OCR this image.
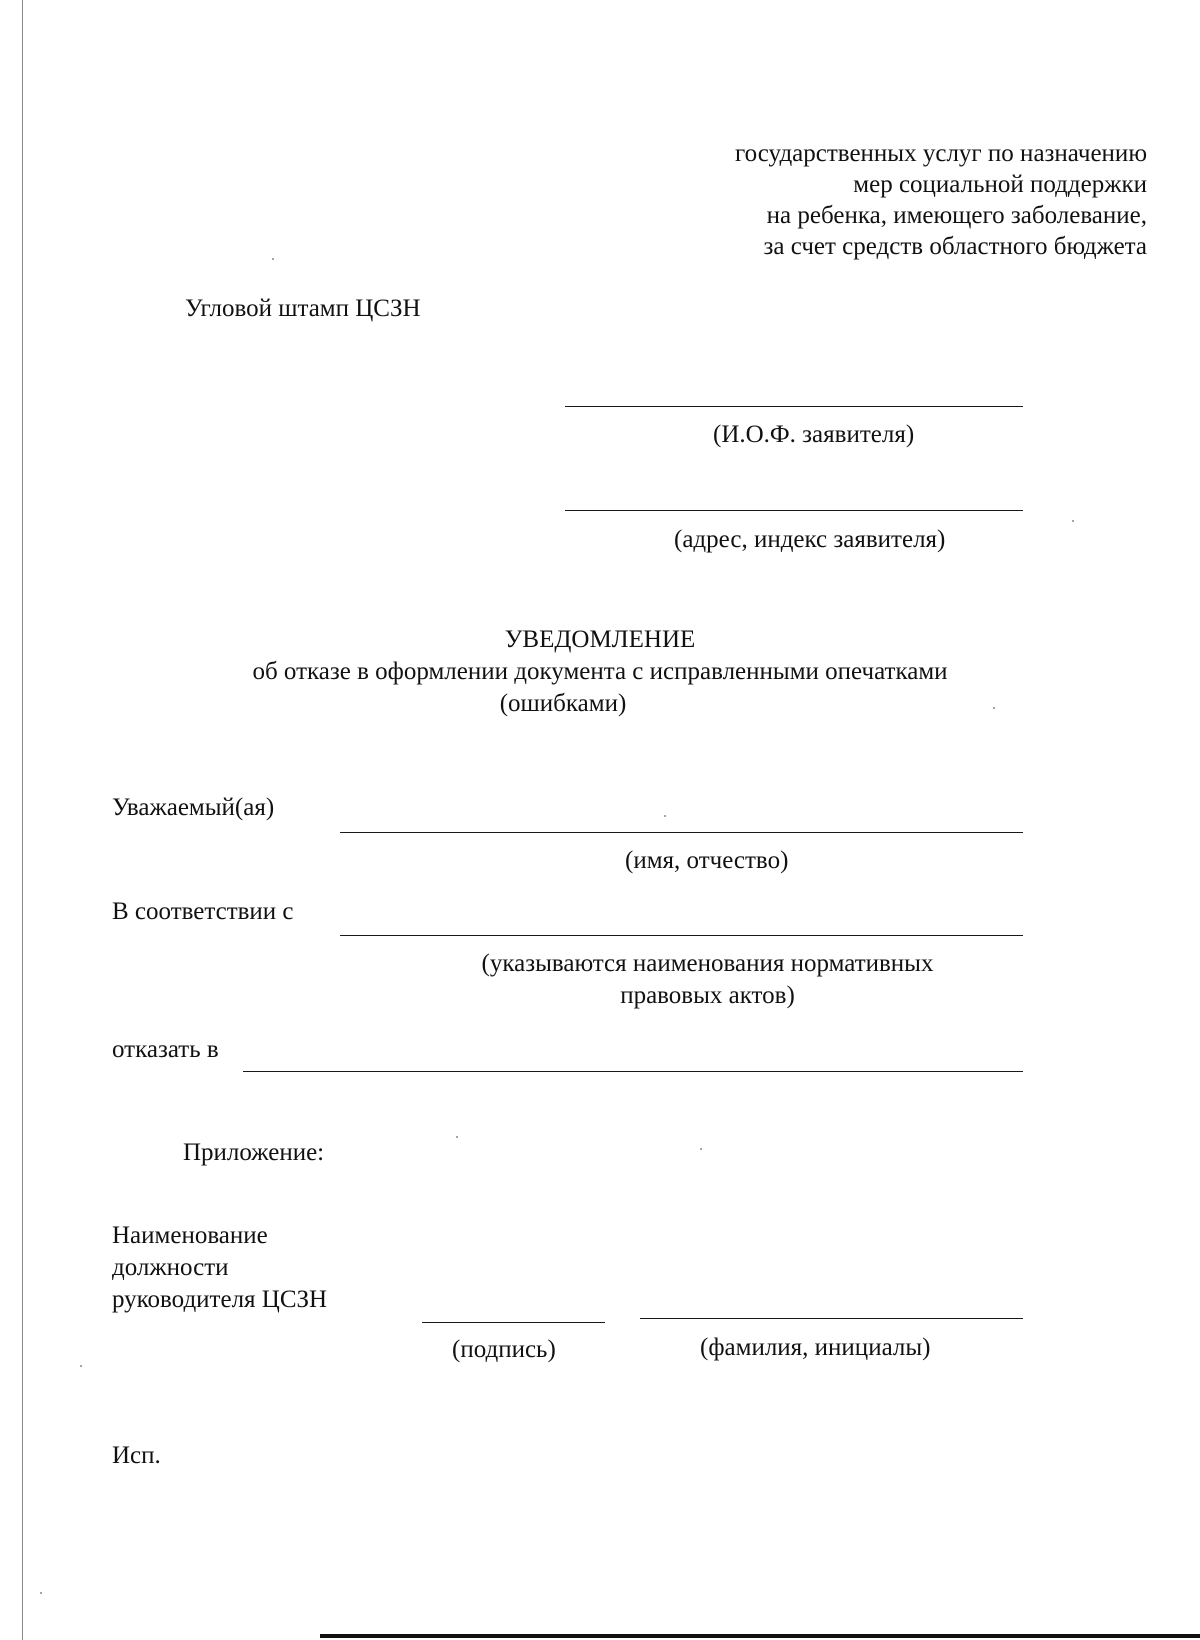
государственных услуг по назначению
мер социальной поддержки
на ребенка, имеющего заболевание,
за счет средств областного бюджета
Угловой штамп ЦСЗН
(И.О.Ф. заявителя)
(адрес, индекс заявителя)
УВЕДОМЛЕНИЕ
об отказе в оформлении документа с исправленными опечатками
(ошибками)
Уважаемый(ая)
(имя, отчество)
В соответствии с
(указываются наименования нормативных
правовых актов)
отказать в
Приложение:
Наименование
должности
руководителя ЦСЗН
(подпись)	(фамилия, инициалы)
Исп.
